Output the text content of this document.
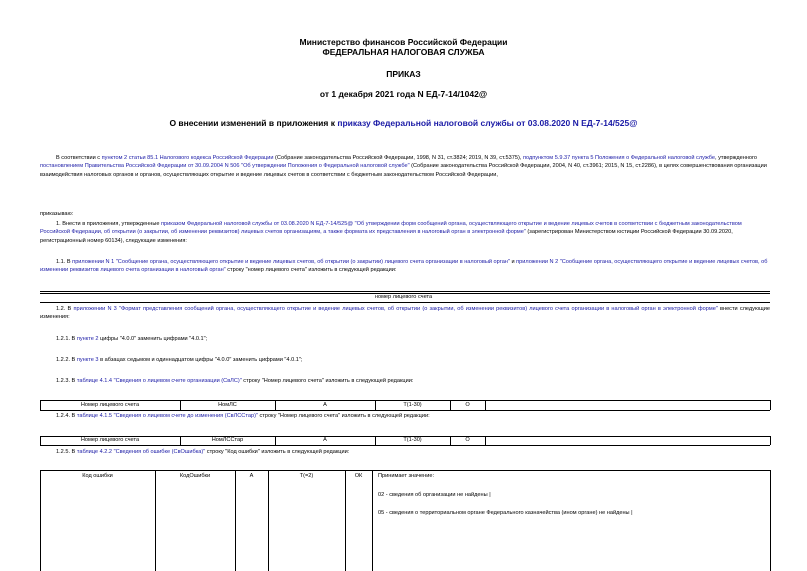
Министерство финансов Российской Федерации
ФЕДЕРАЛЬНАЯ НАЛОГОВАЯ СЛУЖБА
ПРИКАЗ
от 1 декабря 2021 года N ЕД-7-14/1042@
О внесении изменений в приложения к приказу Федеральной налоговой службы от 03.08.2020 N ЕД-7-14/525@
В соответствии с пунктом 2 статьи 85.1 Налогового кодекса Российской Федерации (Собрание законодательства Российской Федерации, 1998, N 31, ст.3824; 2019, N 39, ст.5375), подпунктом 5.9.37 пункта 5 Положения о Федеральной налоговой службе, утвержденного постановлением Правительства Российской Федерации от 30.09.2004 N 506 "Об утверждении Положения о Федеральной налоговой службе" (Собрание законодательства Российской Федерации, 2004, N 40, ст.3961; 2015, N 15, ст.2286), в целях совершенствования организации взаимодействия налоговых органов и органов, осуществляющих открытие и ведение лицевых счетов в соответствии с бюджетным законодательством Российской Федерации,
приказываю:
1. Внести в приложения, утвержденные приказом Федеральной налоговой службы от 03.08.2020 N ЕД-7-14/525@ "Об утверждении форм сообщений органа, осуществляющего открытие и ведение лицевых счетов в соответствии с бюджетным законодательством Российской Федерации, об открытии (о закрытии, об изменении реквизитов) лицевых счетов организациям, а также формата их представления в налоговый орган в электронной форме" (зарегистрирован Министерством юстиции Российской Федерации 30.09.2020, регистрационный номер 60134), следующие изменения:
1.1. В приложении N 1 "Сообщение органа, осуществляющего открытие и ведение лицевых счетов, об открытии (о закрытии) лицевого счета организации в налоговый орган" и приложении N 2 "Сообщение органа, осуществляющего открытие и ведение лицевых счетов, об изменении реквизитов лицевого счета организации в налоговый орган" строку "номер лицевого счета" изложить в следующей редакции:
номер лицевого счета
1.2. В приложении N 3 "Формат представления сообщений органа, осуществляющего открытие и ведение лицевых счетов, об открытии (о закрытии, об изменении реквизитов) лицевого счета организации в налоговый орган в электронной форме" внести следующие изменения:
1.2.1. В пункте 2 цифры "4.0.0" заменить цифрами "4.0.1";
1.2.2. В пункте 3 в абзацах седьмом и одиннадцатом цифры "4.0.0" заменить цифрами "4.0.1";
1.2.3. В таблице 4.1.4 "Сведения о лицевом счете организации (СвЛС)" строку "Номер лицевого счета" изложить в следующей редакции:
Номер лицевого счета	НомЛС	А	Т(1-30)	О
1.2.4. В таблице 4.1.5 "Сведения о лицевом счете до изменения (СвЛССтар)" строку "Номер лицевого счета" изложить в следующей редакции:
Номер лицевого счета	НомЛССтар	А	Т(1-30)	О
1.2.5. В таблице 4.2.2 "Сведения об ошибке (СвОшибка)" строку "Код ошибки" изложить в следующей редакции:
Код ошибки	КодОшибки	А	Т(=2)	ОК	Принимает значение:
02 - сведения об организации не найдены |
05 - сведения о территориальном органе Федерального казначейства (ином органе) не найдены |
